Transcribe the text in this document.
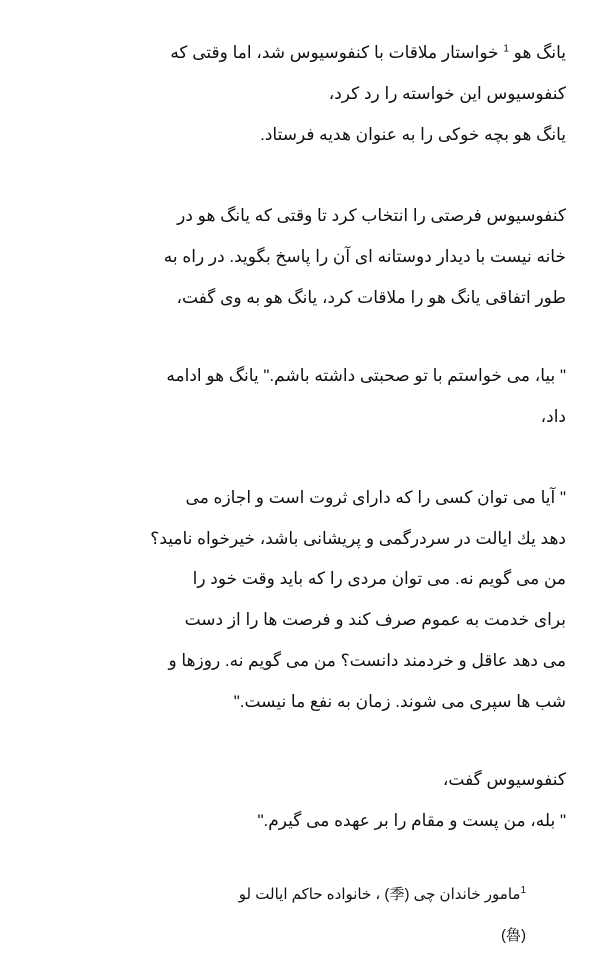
یانگ هو $^1$ خواستار ملاقات با کنفوسیوس شد، اما وقتی که
کنفوسیوس این خواسته را رد کرد،
یانگ هو بچه خوکی را به عنوان هدیه فرستاد.
کنفوسیوس فرصتی را انتخاب کرد تا وقتی که یانگ هو در
خانه نیست با دیدار دوستانه ای آن را پاسخ بگوید. در راه به
طور اتفاقی یانگ هو را ملاقات کرد، یانگ هو به وی گفت،
" بیا، می خواستم با تو صحبتی داشته باشم." یانگ هو ادامه
داد،
" آیا می توان کسی را که دارای ثروت است و اجازه می
دهد یك ایالت در سردرگمی و پریشانی باشد، خیرخواه نامید؟
من می گویم نه. می توان مردی را که باید وقت خود را
برای خدمت به عموم صرف کند و فرصت ها را از دست
می دهد عاقل و خردمند دانست؟ من می گویم نه. روزها و
شب ها سپری می شوند. زمان به نفع ما نیست."
کنفوسیوس گفت،
" بله، من پست و مقام را بر عهده می گیرم."
$^1$مامور خاندان چی (季) ، خانواده حاکم ایالت لو
(魯)
